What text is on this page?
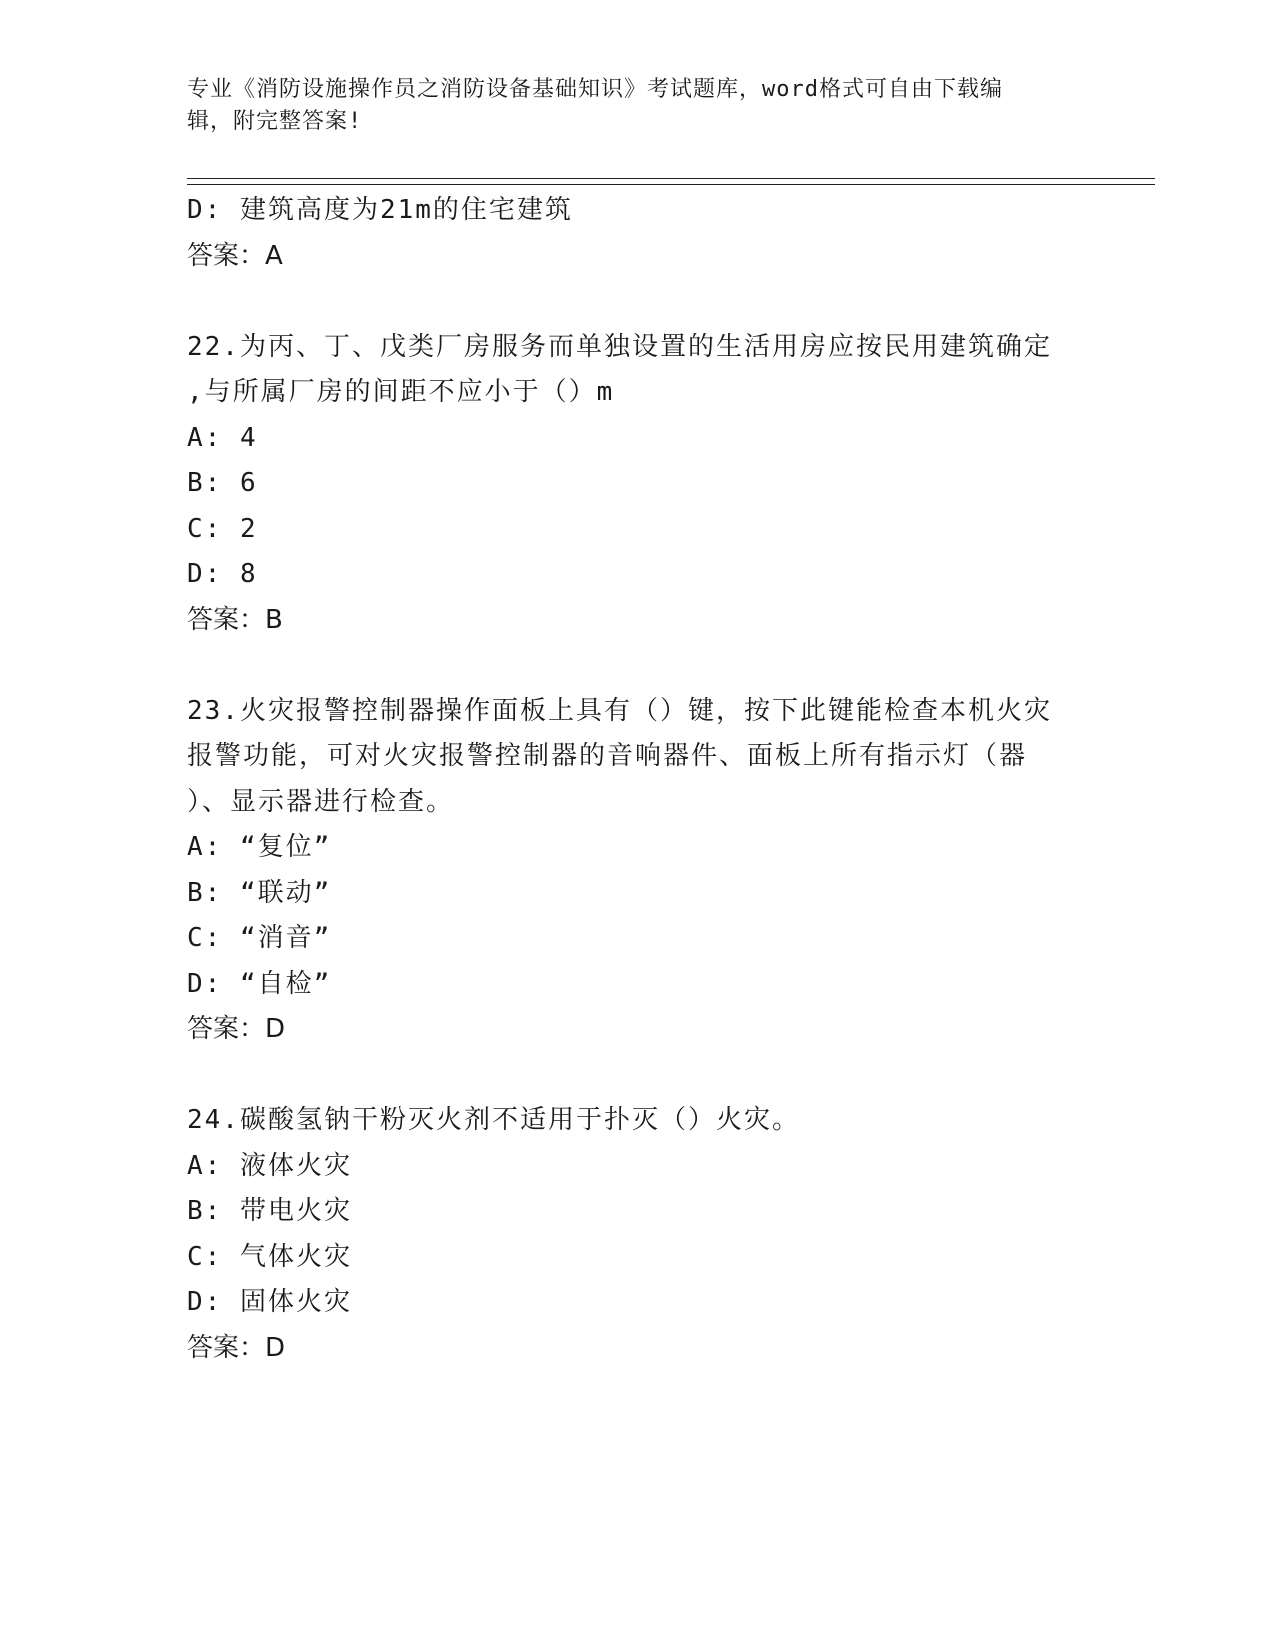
专业《消防设施操作员之消防设备基础知识》考试题库，word格式可自由下载编
辑，附完整答案!
D: 建筑高度为21m的住宅建筑
答案：A
22.为丙、丁、戊类厂房服务而单独设置的生活用房应按民用建筑确定
,与所属厂房的间距不应小于（）m
A: 4
B: 6
C: 2
D: 8
答案：B
23.火灾报警控制器操作面板上具有（）键，按下此键能检查本机火灾
报警功能，可对火灾报警控制器的音响器件、面板上所有指示灯（器
）、显示器进行检查。
A: “复位”
B: “联动”
C: “消音”
D: “自检”
答案：D
24.碳酸氢钠干粉灭火剂不适用于扑灭（）火灾。
A: 液体火灾
B: 带电火灾
C: 气体火灾
D: 固体火灾
答案：D
